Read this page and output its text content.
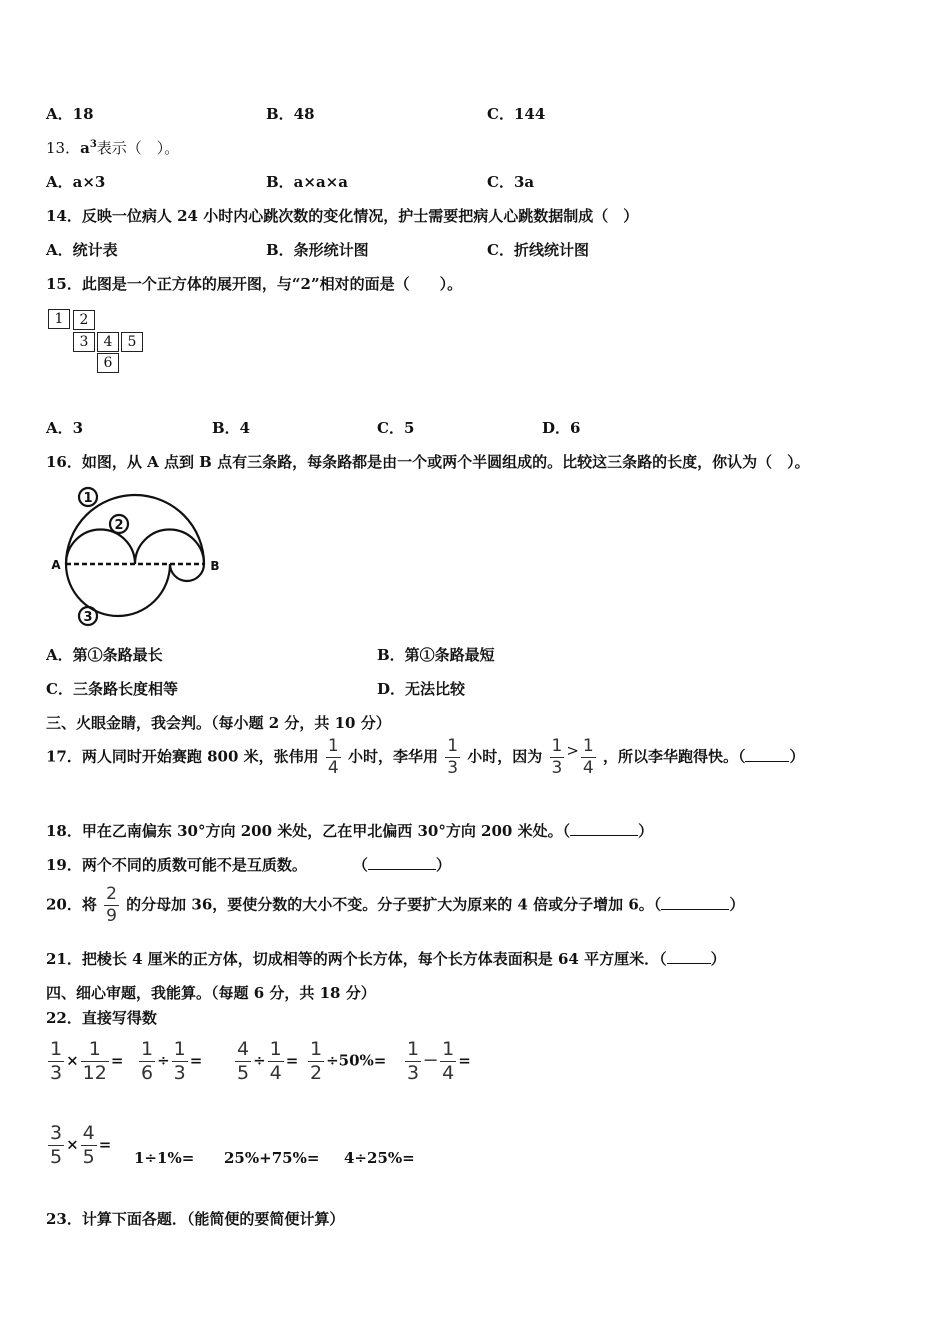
A．18	B．48	C．144
13．$a^3$表示（　）。
A．a×3	B．a×a×a	C．3a
14．反映一位病人 24 小时内心跳次数的变化情况，护士需要把病人心跳数据制成（　）
A．统计表	B．条形统计图	C．折线统计图
15．此图是一个正方体的展开图，与“2”相对的面是（　　）。
1	2
3	4	5
6
A．3	B．4	C．5	D．6
16．如图，从 A 点到 B 点有三条路，每条路都是由一个或两个半圆组成的。比较这三条路的长度，你认为（　）。
1
2
3
A	B
A．第①条路最长	B．第①条路最短
C．三条路长度相等	D．无法比较
三、火眼金睛，我会判。（每小题 2 分，共 10 分）
17．两人同时开始赛跑 800 米，张伟用 $\frac{1}{4}$ 小时，李华用 $\frac{1}{3}$ 小时，因为 $\frac{1}{3} > \frac{1}{4}$ ，所以李华跑得快。（	）
18．甲在乙南偏东 30°方向 200 米处，乙在甲北偏西 30°方向 200 米处。（	）
19．两个不同的质数可能不是互质数。	（	）
20．将 $\frac{2}{9}$ 的分母加 36，要使分数的大小不变。分子要扩大为原来的 4 倍或分子增加 6。（	）
21．把棱长 4 厘米的正方体，切成相等的两个长方体，每个长方体表面积是 64 平方厘米．（	）
四、细心审题，我能算。（每题 6 分，共 18 分）
22．直接写得数
$\frac{1}{3} \times \frac{1}{12} = \frac{1}{6} \div \frac{1}{3} = \frac{4}{5} \div \frac{1}{4} = \frac{1}{2} \div 50\%= \frac{1}{3} - \frac{1}{4}$ =
$\frac{3}{5} \times \frac{4}{5}$ =
1÷1%= 25%+75%= 4÷25%=
23．计算下面各题．（能简便的要简便计算）
